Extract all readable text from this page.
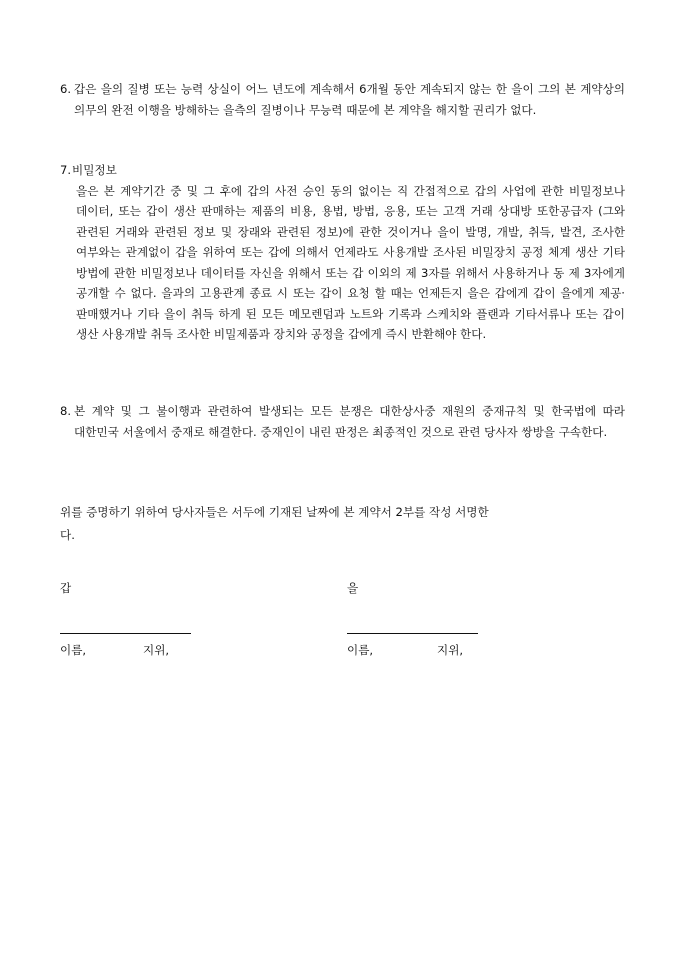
6. 갑은 을의 질병 또는 능력 상실이 어느 년도에 계속해서 6개월 동안 계속되지 않는 한 을이 그의 본 계약상의 의무의 완전 이행을 방해하는 을측의 질병이나 무능력 때문에 본 계약을 해지할 권리가 없다.
7. 비밀정보
을은 본 계약기간 중 및 그 후에 갑의 사전 승인 동의 없이는 직 간접적으로 갑의 사업에 관한 비밀정보나 데이터, 또는 갑이 생산 판매하는 제품의 비용, 용법, 방법, 응용, 또는 고객 거래 상대방 또한공급자 (그와 관련된 거래와 관련된 정보 및 장래와 관련된 정보)에 관한 것이거나 을이 발명, 개발, 취득, 발견, 조사한 여부와는 관계없이 갑을 위하여 또는 갑에 의해서 언제라도 사용개발 조사된 비밀장치 공정 체계 생산 기타 방법에 관한 비밀정보나 데이터를 자신을 위해서 또는 갑 이외의 제 3자를 위해서 사용하거나 동 제 3자에게 공개할 수 없다. 을과의 고용관계 종료 시 또는 갑이 요청 할 때는 언제든지 을은 갑에게 갑이 을에게 제공· 판매했거나 기타 을이 취득 하게 된 모든 메모렌덤과 노트와 기록과 스케치와 플랜과 기타서류나 또는 갑이 생산 사용개발 취득 조사한 비밀제품과 장치와 공정을 갑에게 즉시 반환해야 한다.
8. 본 계약 및 그 불이행과 관련하여 발생되는 모든 분쟁은 대한상사중 재원의 중재규칙 및 한국법에 따라 대한민국 서울에서 중재로 해결한다. 중재인이 내린 판정은 최종적인 것으로 관련 당사자 쌍방을 구속한다.
위를 증명하기 위하여 당사자들은 서두에 기재된 날짜에 본 계약서 2부를 작성 서명한다.
갑	을
이름,	지위,	이름,	지위,
